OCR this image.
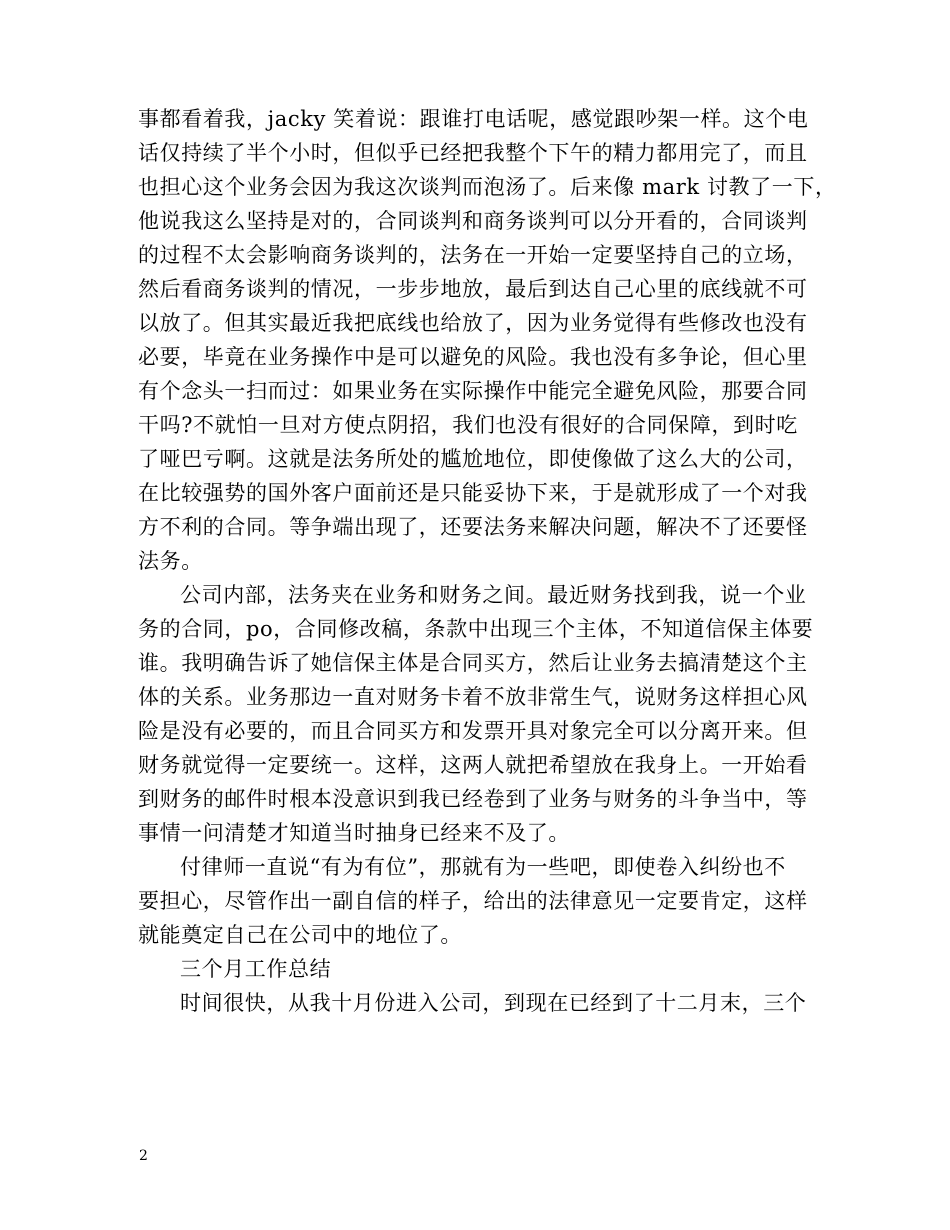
事都看着我，jacky 笑着说：跟谁打电话呢，感觉跟吵架一样。这个电
话仅持续了半个小时，但似乎已经把我整个下午的精力都用完了，而且
也担心这个业务会因为我这次谈判而泡汤了。后来像 mark 讨教了一下，
他说我这么坚持是对的，合同谈判和商务谈判可以分开看的，合同谈判
的过程不太会影响商务谈判的，法务在一开始一定要坚持自己的立场，
然后看商务谈判的情况，一步步地放，最后到达自己心里的底线就不可
以放了。但其实最近我把底线也给放了，因为业务觉得有些修改也没有
必要，毕竟在业务操作中是可以避免的风险。我也没有多争论，但心里
有个念头一扫而过：如果业务在实际操作中能完全避免风险，那要合同
干吗?不就怕一旦对方使点阴招，我们也没有很好的合同保障，到时吃
了哑巴亏啊。这就是法务所处的尴尬地位，即使像做了这么大的公司，
在比较强势的国外客户面前还是只能妥协下来，于是就形成了一个对我
方不利的合同。等争端出现了，还要法务来解决问题，解决不了还要怪
法务。
公司内部，法务夹在业务和财务之间。最近财务找到我，说一个业
务的合同，po，合同修改稿，条款中出现三个主体，不知道信保主体要
谁。我明确告诉了她信保主体是合同买方，然后让业务去搞清楚这个主
体的关系。业务那边一直对财务卡着不放非常生气，说财务这样担心风
险是没有必要的，而且合同买方和发票开具对象完全可以分离开来。但
财务就觉得一定要统一。这样，这两人就把希望放在我身上。一开始看
到财务的邮件时根本没意识到我已经卷到了业务与财务的斗争当中，等
事情一问清楚才知道当时抽身已经来不及了。
付律师一直说“有为有位”，那就有为一些吧，即使卷入纠纷也不
要担心，尽管作出一副自信的样子，给出的法律意见一定要肯定，这样
就能奠定自己在公司中的地位了。
三个月工作总结
时间很快，从我十月份进入公司，到现在已经到了十二月末，三个
2
